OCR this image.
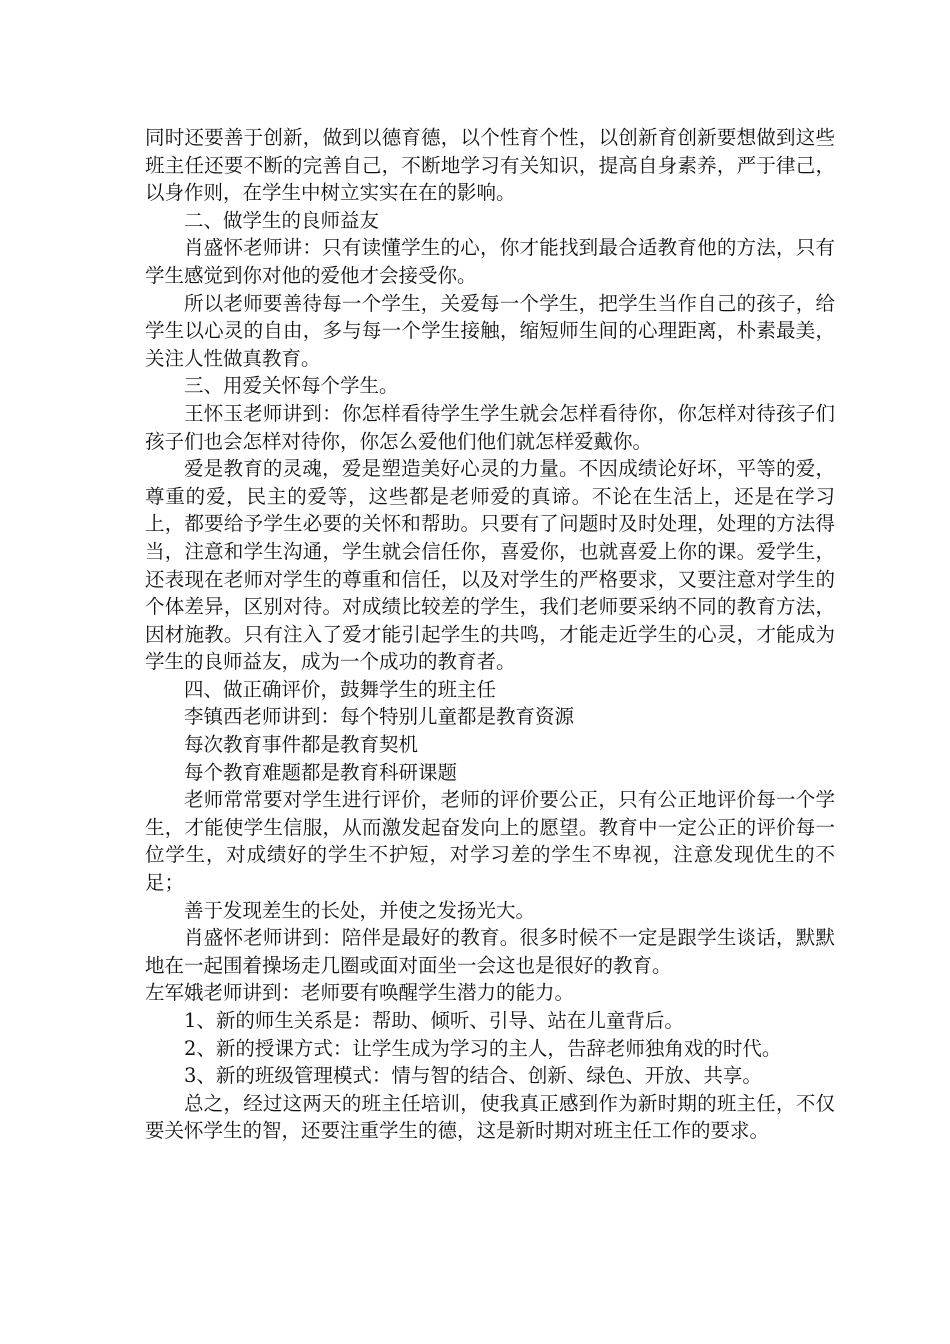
同时还要善于创新，做到以德育德，以个性育个性，以创新育创新要想做到这些班主任还要不断的完善自己，不断地学习有关知识，提高自身素养，严于律己，以身作则，在学生中树立实实在在的影响。

二、做学生的良师益友

肖盛怀老师讲：只有读懂学生的心，你才能找到最合适教育他的方法，只有学生感觉到你对他的爱他才会接受你。

所以老师要善待每一个学生，关爱每一个学生，把学生当作自己的孩子，给学生以心灵的自由，多与每一个学生接触，缩短师生间的心理距离，朴素最美，关注人性做真教育。

三、用爱关怀每个学生。

王怀玉老师讲到：你怎样看待学生学生就会怎样看待你，你怎样对待孩子们孩子们也会怎样对待你，你怎么爱他们他们就怎样爱戴你。

爱是教育的灵魂，爱是塑造美好心灵的力量。不因成绩论好坏，平等的爱，尊重的爱，民主的爱等，这些都是老师爱的真谛。不论在生活上，还是在学习上，都要给予学生必要的关怀和帮助。只要有了问题时及时处理，处理的方法得当，注意和学生沟通，学生就会信任你，喜爱你，也就喜爱上你的课。爱学生，还表现在老师对学生的尊重和信任，以及对学生的严格要求，又要注意对学生的个体差异，区别对待。对成绩比较差的学生，我们老师要采纳不同的教育方法，因材施教。只有注入了爱才能引起学生的共鸣，才能走近学生的心灵，才能成为学生的良师益友，成为一个成功的教育者。

四、做正确评价，鼓舞学生的班主任

李镇西老师讲到：每个特别儿童都是教育资源

每次教育事件都是教育契机

每个教育难题都是教育科研课题

老师常常要对学生进行评价，老师的评价要公正，只有公正地评价每一个学生，才能使学生信服，从而激发起奋发向上的愿望。教育中一定公正的评价每一位学生，对成绩好的学生不护短，对学习差的学生不卑视，注意发现优生的不足；

善于发现差生的长处，并使之发扬光大。

肖盛怀老师讲到：陪伴是最好的教育。很多时候不一定是跟学生谈话，默默地在一起围着操场走几圈或面对面坐一会这也是很好的教育。

左军娥老师讲到：老师要有唤醒学生潜力的能力。

1、新的师生关系是：帮助、倾听、引导、站在儿童背后。

2、新的授课方式：让学生成为学习的主人，告辞老师独角戏的时代。

3、新的班级管理模式：情与智的结合、创新、绿色、开放、共享。

总之，经过这两天的班主任培训，使我真正感到作为新时期的班主任，不仅要关怀学生的智，还要注重学生的德，这是新时期对班主任工作的要求。
